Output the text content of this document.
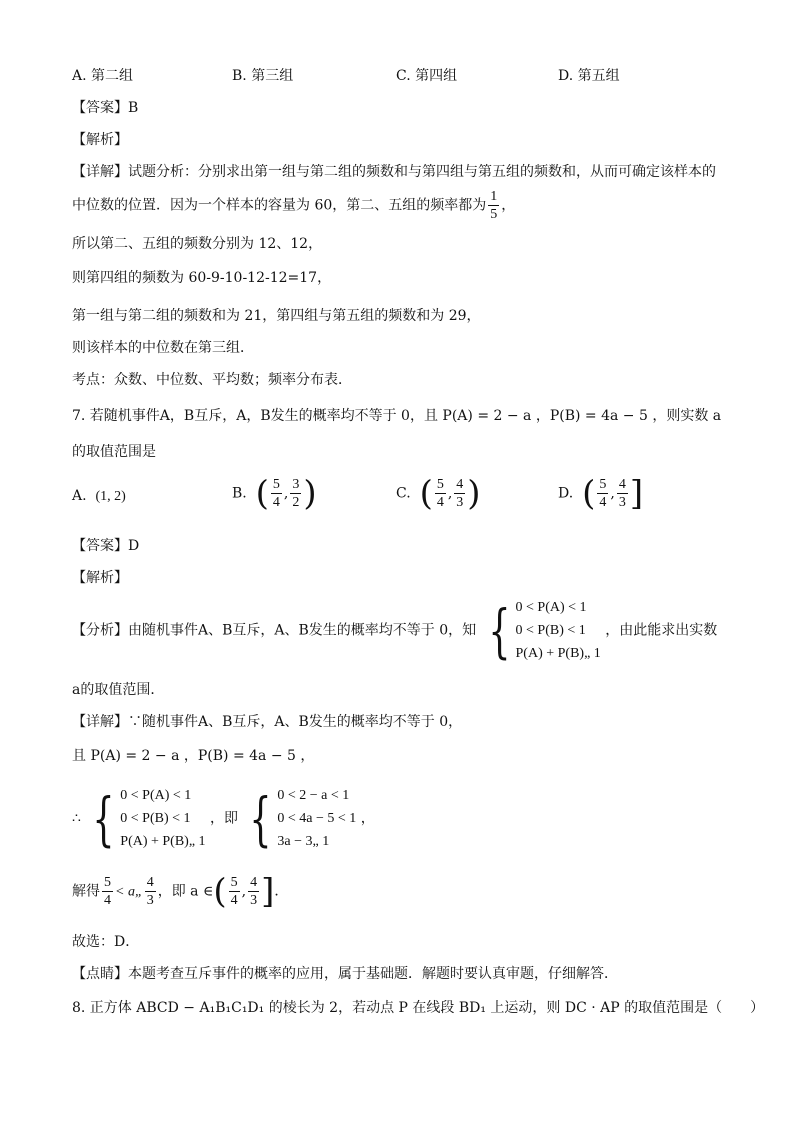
A. 第二组	B. 第三组	C. 第四组	D. 第五组
【答案】B
【解析】
【详解】试题分析：分别求出第一组与第二组的频数和与第四组与第五组的频数和，从而可确定该样本的
中位数的位置．因为一个样本的容量为 60，第二、五组的频率都为 $\frac{1}{5}$ ，
所以第二、五组的频数分别为 12、12，
则第四组的频数为 60-9-10-12-12=17，
第一组与第二组的频数和为 21，第四组与第五组的频数和为 29，
则该样本的中位数在第三组．
考点：众数、中位数、平均数；频率分布表．
7. 若随机事件A，B互斥，A，B发生的概率均不等于 0，且 P(A) = 2 − a ，P(B) = 4a − 5 ，则实数 a
的取值范围是
A. (1, 2)	B. ( $\frac{5}{4}$ , $\frac{3}{2}$ )	C. ( $\frac{5}{4}$ , $\frac{4}{3}$ )	D. ( $\frac{5}{4}$ , $\frac{4}{3}$ ]
【答案】D
【解析】
【分析】由随机事件A、B互斥，A、B发生的概率均不等于 0，知 { 0 < P(A) < 1
0 < P(B) < 1
P(A) + P(B)„ 1
，由此能求出实数
a的取值范围．
【详解】∵随机事件A、B互斥，A、B发生的概率均不等于 0，
且 P(A) = 2 − a ，P(B) = 4a − 5 ，
∴ { 0 < P(A) < 1
0 < P(B) < 1
P(A) + P(B)„ 1
，即 { 0 < 2 − a < 1
0 < 4a − 5 < 1
3a − 3„ 1
，
解得 $\frac{5}{4}$ < a„ $\frac{4}{3}$ ，即 a ∈( $\frac{5}{4}$ , $\frac{4}{3}$ ]．
故选：D．
【点睛】本题考查互斥事件的概率的应用，属于基础题．解题时要认真审题，仔细解答．
8. 正方体 ABCD − A₁B₁C₁D₁ 的棱长为 2，若动点 P 在线段 BD₁ 上运动，则 DC · AP 的取值范围是（　　）
